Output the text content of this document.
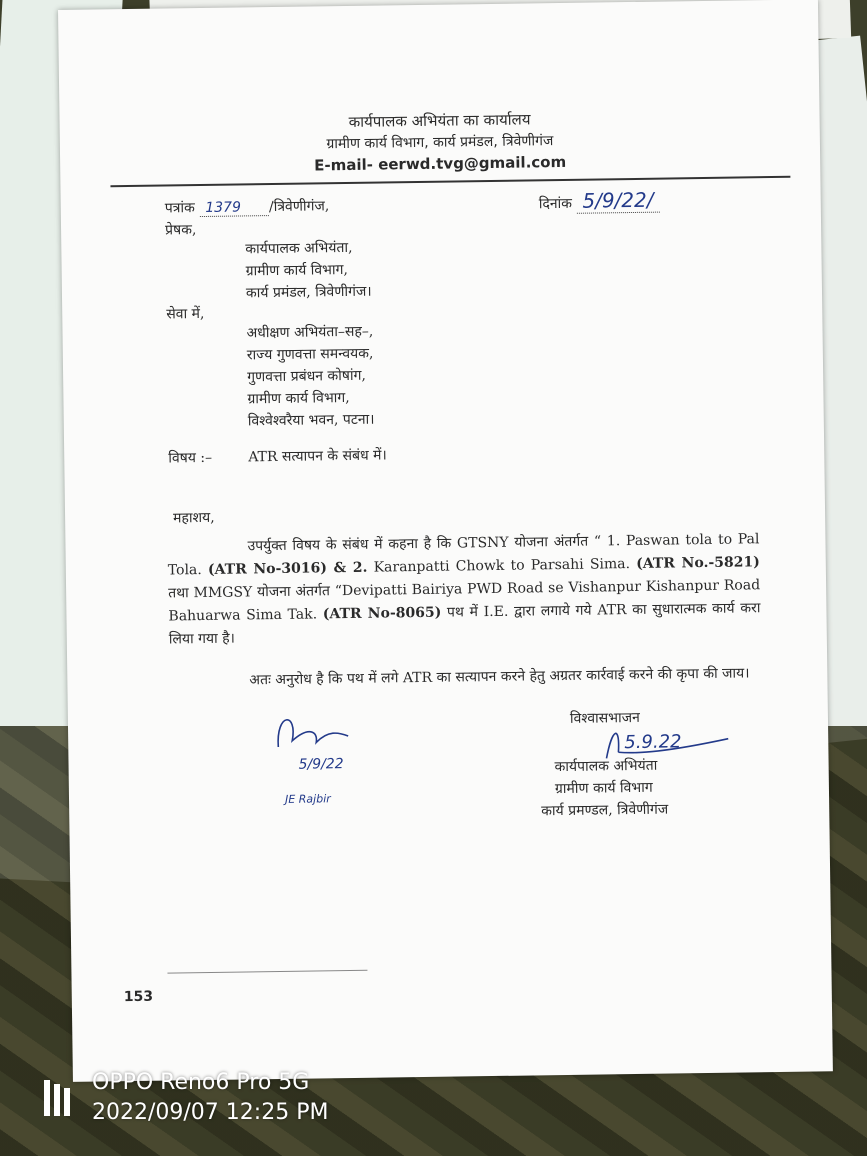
कार्यपालक अभियंता का कार्यालय
ग्रामीण कार्य विभाग, कार्य प्रमंडल, त्रिवेणीगंज
E-mail- eerwd.tvg@gmail.com
पत्रांक 1379 /त्रिवेणीगंज,	दिनांक 5/9/22/
प्रेषक,
कार्यपालक अभियंता,
ग्रामीण कार्य विभाग,
कार्य प्रमंडल, त्रिवेणीगंज।
सेवा में,
अधीक्षण अभियंता–सह–,
राज्य गुणवत्ता समन्वयक,
गुणवत्ता प्रबंधन कोषांग,
ग्रामीण कार्य विभाग,
विश्वेश्वरैया भवन, पटना।
विषय :–	ATR सत्यापन के संबंध में।
महाशय,
उपर्युक्त विषय के संबंध में कहना है कि GTSNY योजना अंतर्गत “ 1. Paswan tola to Pal Tola. (ATR No-3016) & 2. Karanpatti Chowk to Parsahi Sima. (ATR No.-5821) तथा MMGSY योजना अंतर्गत “Devipatti Bairiya PWD Road se Vishanpur Kishanpur Road Bahuarwa Sima Tak. (ATR No-8065) पथ में I.E. द्वारा लगाये गये ATR का सुधारात्मक कार्य करा लिया गया है।
अतः अनुरोध है कि पथ में लगे ATR का सत्यापन करने हेतु अग्रतर कार्रवाई करने की कृपा की जाय।
विश्वासभाजन
5.9.22
कार्यपालक अभियंता
ग्रामीण कार्य विभाग
कार्य प्रमण्डल, त्रिवेणीगंज
5/9/22
JE Rajbir
153
OPPO Reno6 Pro 5G
2022/09/07 12:25 PM
